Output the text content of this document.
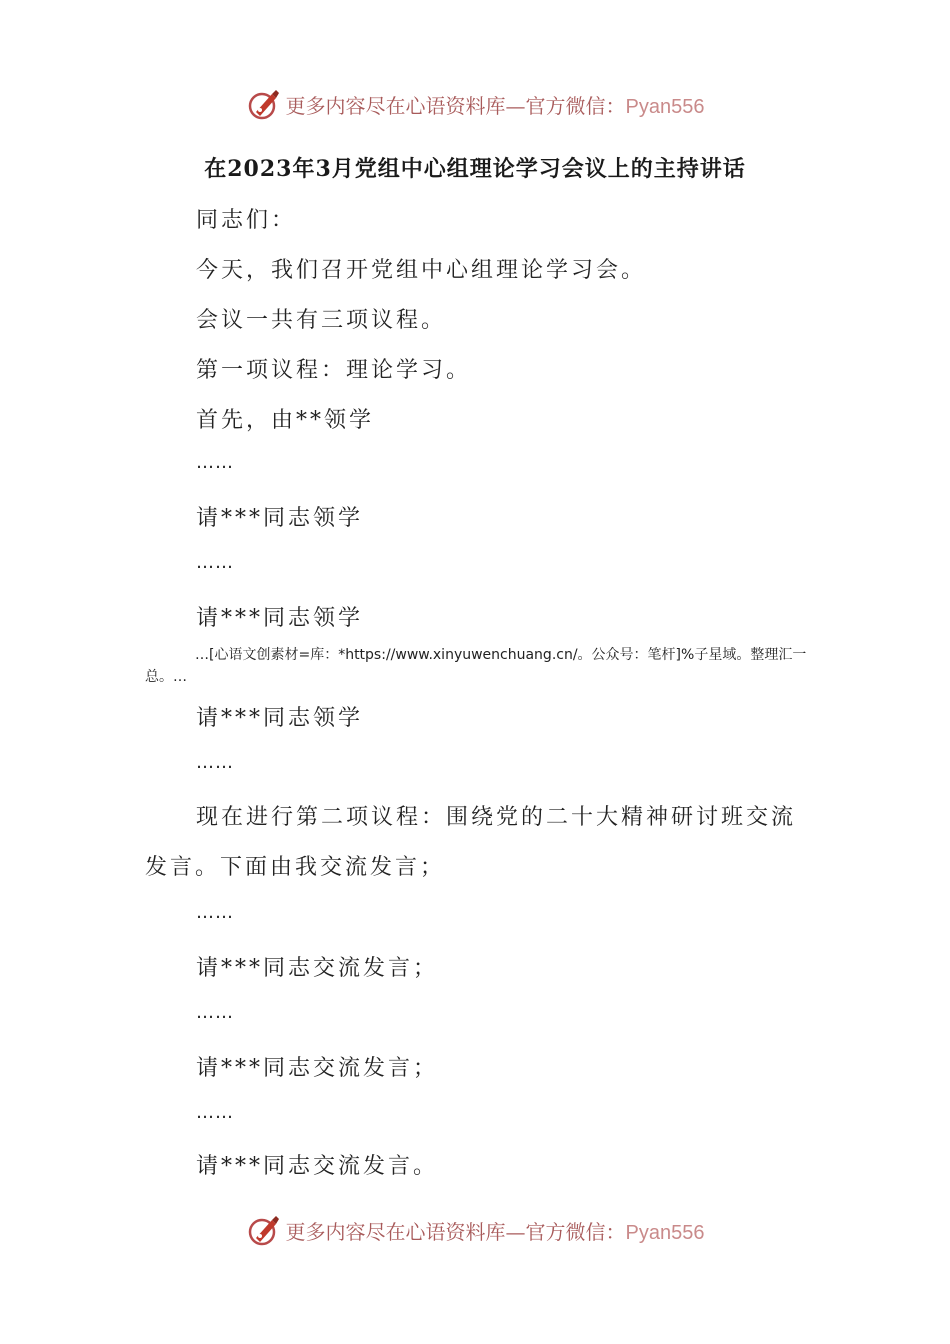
更多内容尽在心语资料库—官方微信：Pyan556
在2023年3月党组中心组理论学习会议上的主持讲话
同志们：
今天，我们召开党组中心组理论学习会。
会议一共有三项议程。
第一项议程：理论学习。
首先，由**领学
……
请***同志领学
……
请***同志领学
…[心语文创素材=库：*https://www.xinyuwenchuang.cn/。公众号：笔杆]%子星域。整理汇一总。…
请***同志领学
……
现在进行第二项议程：围绕党的二十大精神研讨班交流发言。下面由我交流发言；
……
请***同志交流发言；
……
请***同志交流发言；
……
请***同志交流发言。
更多内容尽在心语资料库—官方微信：Pyan556
